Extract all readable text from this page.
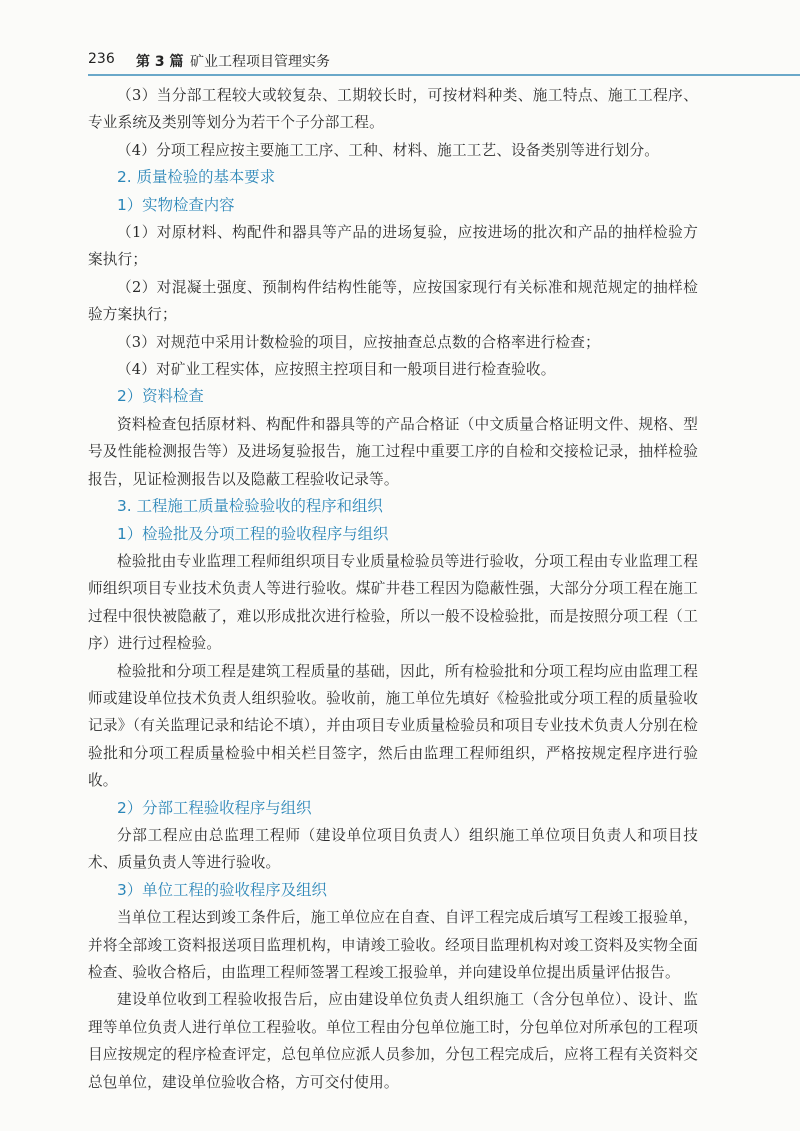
236 第 3 篇 矿业工程项目管理实务

（3）当分部工程较大或较复杂、工期较长时，可按材料种类、施工特点、施工工程序、专业系统及类别等划分为若干个子分部工程。

（4）分项工程应按主要施工工序、工种、材料、施工工艺、设备类别等进行划分。

2. 质量检验的基本要求

1）实物检查内容

（1）对原材料、构配件和器具等产品的进场复验，应按进场的批次和产品的抽样检验方案执行；

（2）对混凝土强度、预制构件结构性能等，应按国家现行有关标准和规范规定的抽样检验方案执行；

（3）对规范中采用计数检验的项目，应按抽查总点数的合格率进行检查；

（4）对矿业工程实体，应按照主控项目和一般项目进行检查验收。

2）资料检查

资料检查包括原材料、构配件和器具等的产品合格证（中文质量合格证明文件、规格、型号及性能检测报告等）及进场复验报告，施工过程中重要工序的自检和交接检记录，抽样检验报告，见证检测报告以及隐蔽工程验收记录等。

3. 工程施工质量检验验收的程序和组织

1）检验批及分项工程的验收程序与组织

检验批由专业监理工程师组织项目专业质量检验员等进行验收，分项工程由专业监理工程师组织项目专业技术负责人等进行验收。煤矿井巷工程因为隐蔽性强，大部分分项工程在施工过程中很快被隐蔽了，难以形成批次进行检验，所以一般不设检验批，而是按照分项工程（工序）进行过程检验。

检验批和分项工程是建筑工程质量的基础，因此，所有检验批和分项工程均应由监理工程师或建设单位技术负责人组织验收。验收前，施工单位先填好《检验批或分项工程的质量验收记录》（有关监理记录和结论不填），并由项目专业质量检验员和项目专业技术负责人分别在检验批和分项工程质量检验中相关栏目签字，然后由监理工程师组织，严格按规定程序进行验收。

2）分部工程验收程序与组织

分部工程应由总监理工程师（建设单位项目负责人）组织施工单位项目负责人和项目技术、质量负责人等进行验收。

3）单位工程的验收程序及组织

当单位工程达到竣工条件后，施工单位应在自查、自评工程完成后填写工程竣工报验单，并将全部竣工资料报送项目监理机构，申请竣工验收。经项目监理机构对竣工资料及实物全面检查、验收合格后，由监理工程师签署工程竣工报验单，并向建设单位提出质量评估报告。

建设单位收到工程验收报告后，应由建设单位负责人组织施工（含分包单位）、设计、监理等单位负责人进行单位工程验收。单位工程由分包单位施工时，分包单位对所承包的工程项目应按规定的程序检查评定，总包单位应派人员参加，分包工程完成后，应将工程有关资料交总包单位，建设单位验收合格，方可交付使用。
